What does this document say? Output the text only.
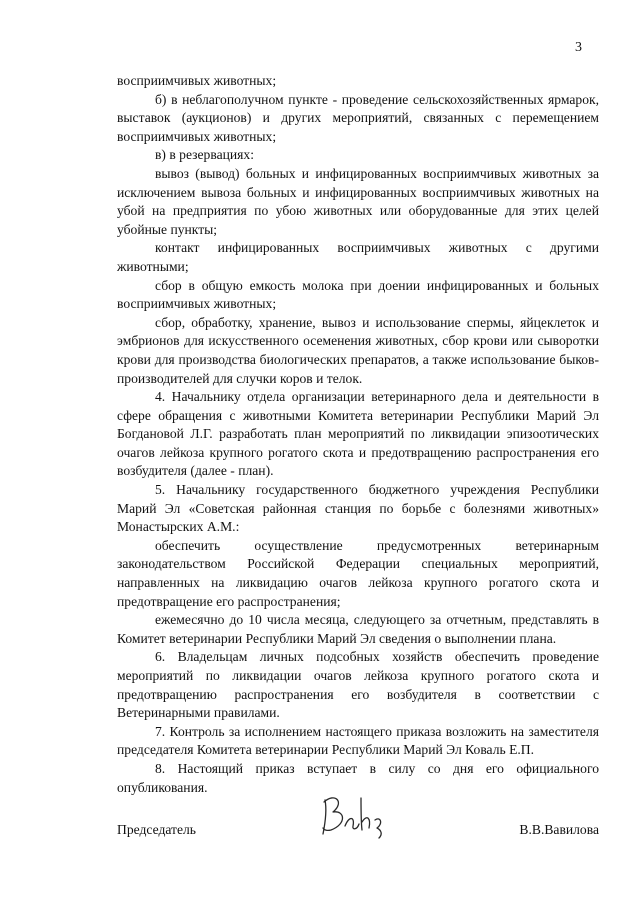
3

восприимчивых животных;

б) в неблагополучном пункте - проведение сельскохозяйственных ярмарок, выставок (аукционов) и других мероприятий, связанных с перемещением восприимчивых животных;

в) в резервациях:

вывоз (вывод) больных и инфицированных восприимчивых животных за исключением вывоза больных и инфицированных восприимчивых животных на убой на предприятия по убою животных или оборудованные для этих целей убойные пункты;

контакт инфицированных восприимчивых животных с другими животными;

сбор в общую емкость молока при доении инфицированных и больных восприимчивых животных;

сбор, обработку, хранение, вывоз и использование спермы, яйцеклеток и эмбрионов для искусственного осеменения животных, сбор крови или сыворотки крови для производства биологических препаратов, а также использование быков-производителей для случки коров и телок.

4. Начальнику отдела организации ветеринарного дела и деятельности в сфере обращения с животными Комитета ветеринарии Республики Марий Эл Богдановой Л.Г. разработать план мероприятий по ликвидации эпизоотических очагов лейкоза крупного рогатого скота и предотвращению распространения его возбудителя (далее - план).

5. Начальнику государственного бюджетного учреждения Республики Марий Эл «Советская районная станция по борьбе с болезнями животных» Монастырских А.М.:

обеспечить осуществление предусмотренных ветеринарным законодательством Российской Федерации специальных мероприятий, направленных на ликвидацию очагов лейкоза крупного рогатого скота и предотвращение его распространения;

ежемесячно до 10 числа месяца, следующего за отчетным, представлять в Комитет ветеринарии Республики Марий Эл сведения о выполнении плана.

6. Владельцам личных подсобных хозяйств обеспечить проведение мероприятий по ликвидации очагов лейкоза крупного рогатого скота и предотвращению распространения его возбудителя в соответствии с Ветеринарными правилами.

7. Контроль за исполнением настоящего приказа возложить на заместителя председателя Комитета ветеринарии Республики Марий Эл Коваль Е.П.

8. Настоящий приказ вступает в силу со дня его официального опубликования.

Председатель	В.В.Вавилова
